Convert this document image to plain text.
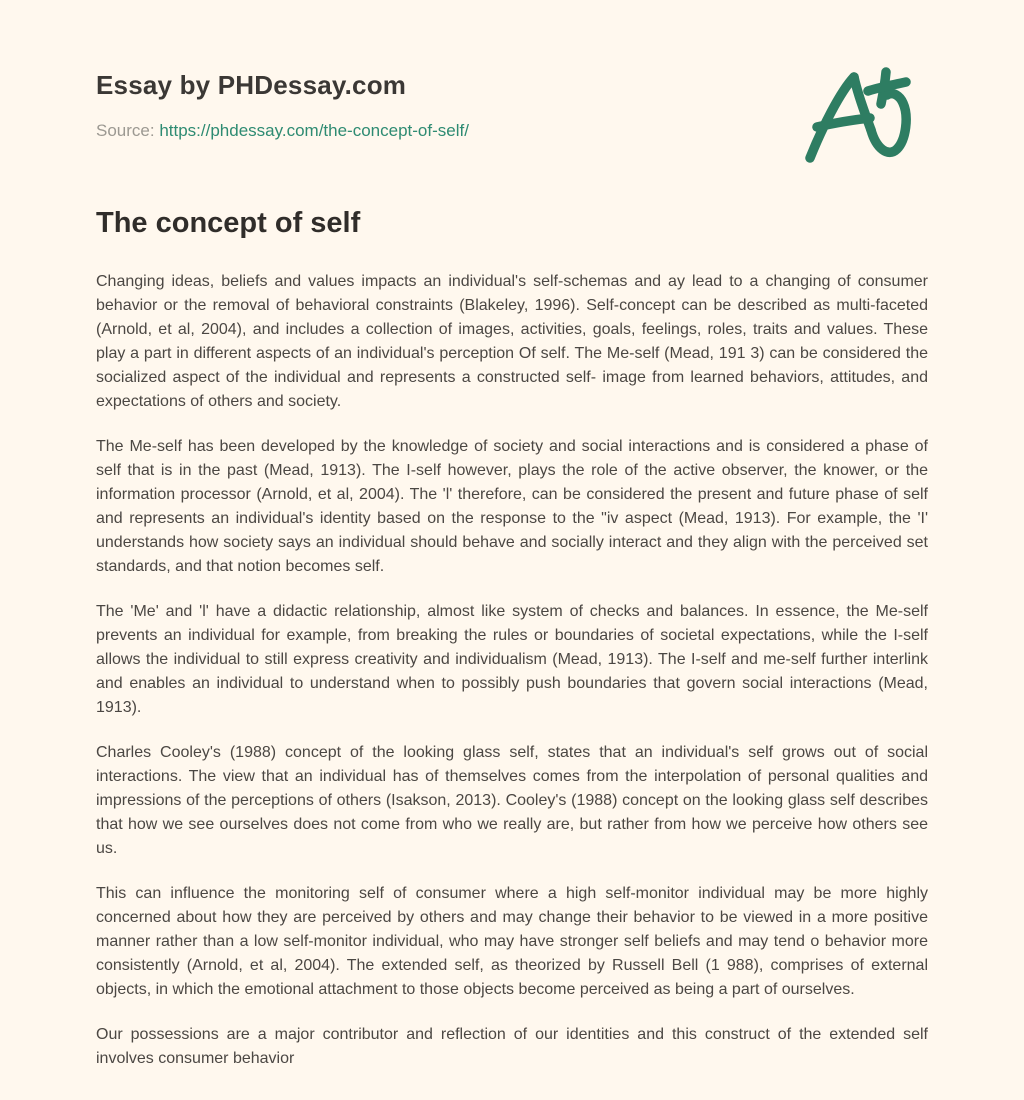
Essay by PHDessay.com
Source: https://phdessay.com/the-concept-of-self/
The concept of self

Changing ideas, beliefs and values impacts an individual's self-schemas and ay lead to a changing of consumer behavior or the removal of behavioral constraints (Blakeley, 1996). Self-concept can be described as multi-faceted (Arnold, et al, 2004), and includes a collection of images, activities, goals, feelings, roles, traits and values. These play a part in different aspects of an individual's perception Of self. The Me-self (Mead, 191 3) can be considered the socialized aspect of the individual and represents a constructed self- image from learned behaviors, attitudes, and expectations of others and society.

The Me-self has been developed by the knowledge of society and social interactions and is considered a phase of self that is in the past (Mead, 1913). The I-self however, plays the role of the active observer, the knower, or the information processor (Arnold, et al, 2004). The 'l' therefore, can be considered the present and future phase of self and represents an individual's identity based on the response to the "iv aspect (Mead, 1913). For example, the 'I' understands how society says an individual should behave and socially interact and they align with the perceived set standards, and that notion becomes self.

The 'Me' and 'l' have a didactic relationship, almost like system of checks and balances. In essence, the Me-self prevents an individual for example, from breaking the rules or boundaries of societal expectations, while the I-self allows the individual to still express creativity and individualism (Mead, 1913). The I-self and me-self further interlink and enables an individual to understand when to possibly push boundaries that govern social interactions (Mead, 1913).

Charles Cooley's (1988) concept of the looking glass self, states that an individual's self grows out of social interactions. The view that an individual has of themselves comes from the interpolation of personal qualities and impressions of the perceptions of others (Isakson, 2013). Cooley's (1988) concept on the looking glass self describes that how we see ourselves does not come from who we really are, but rather from how we perceive how others see us.

This can influence the monitoring self of consumer where a high self-monitor individual may be more highly concerned about how they are perceived by others and may change their behavior to be viewed in a more positive manner rather than a low self-monitor individual, who may have stronger self beliefs and may tend o behavior more consistently (Arnold, et al, 2004). The extended self, as theorized by Russell Bell (1 988), comprises of external objects, in which the emotional attachment to those objects become perceived as being a part of ourselves.

Our possessions are a major contributor and reflection of our identities and this construct of the extended self involves consumer behavior
